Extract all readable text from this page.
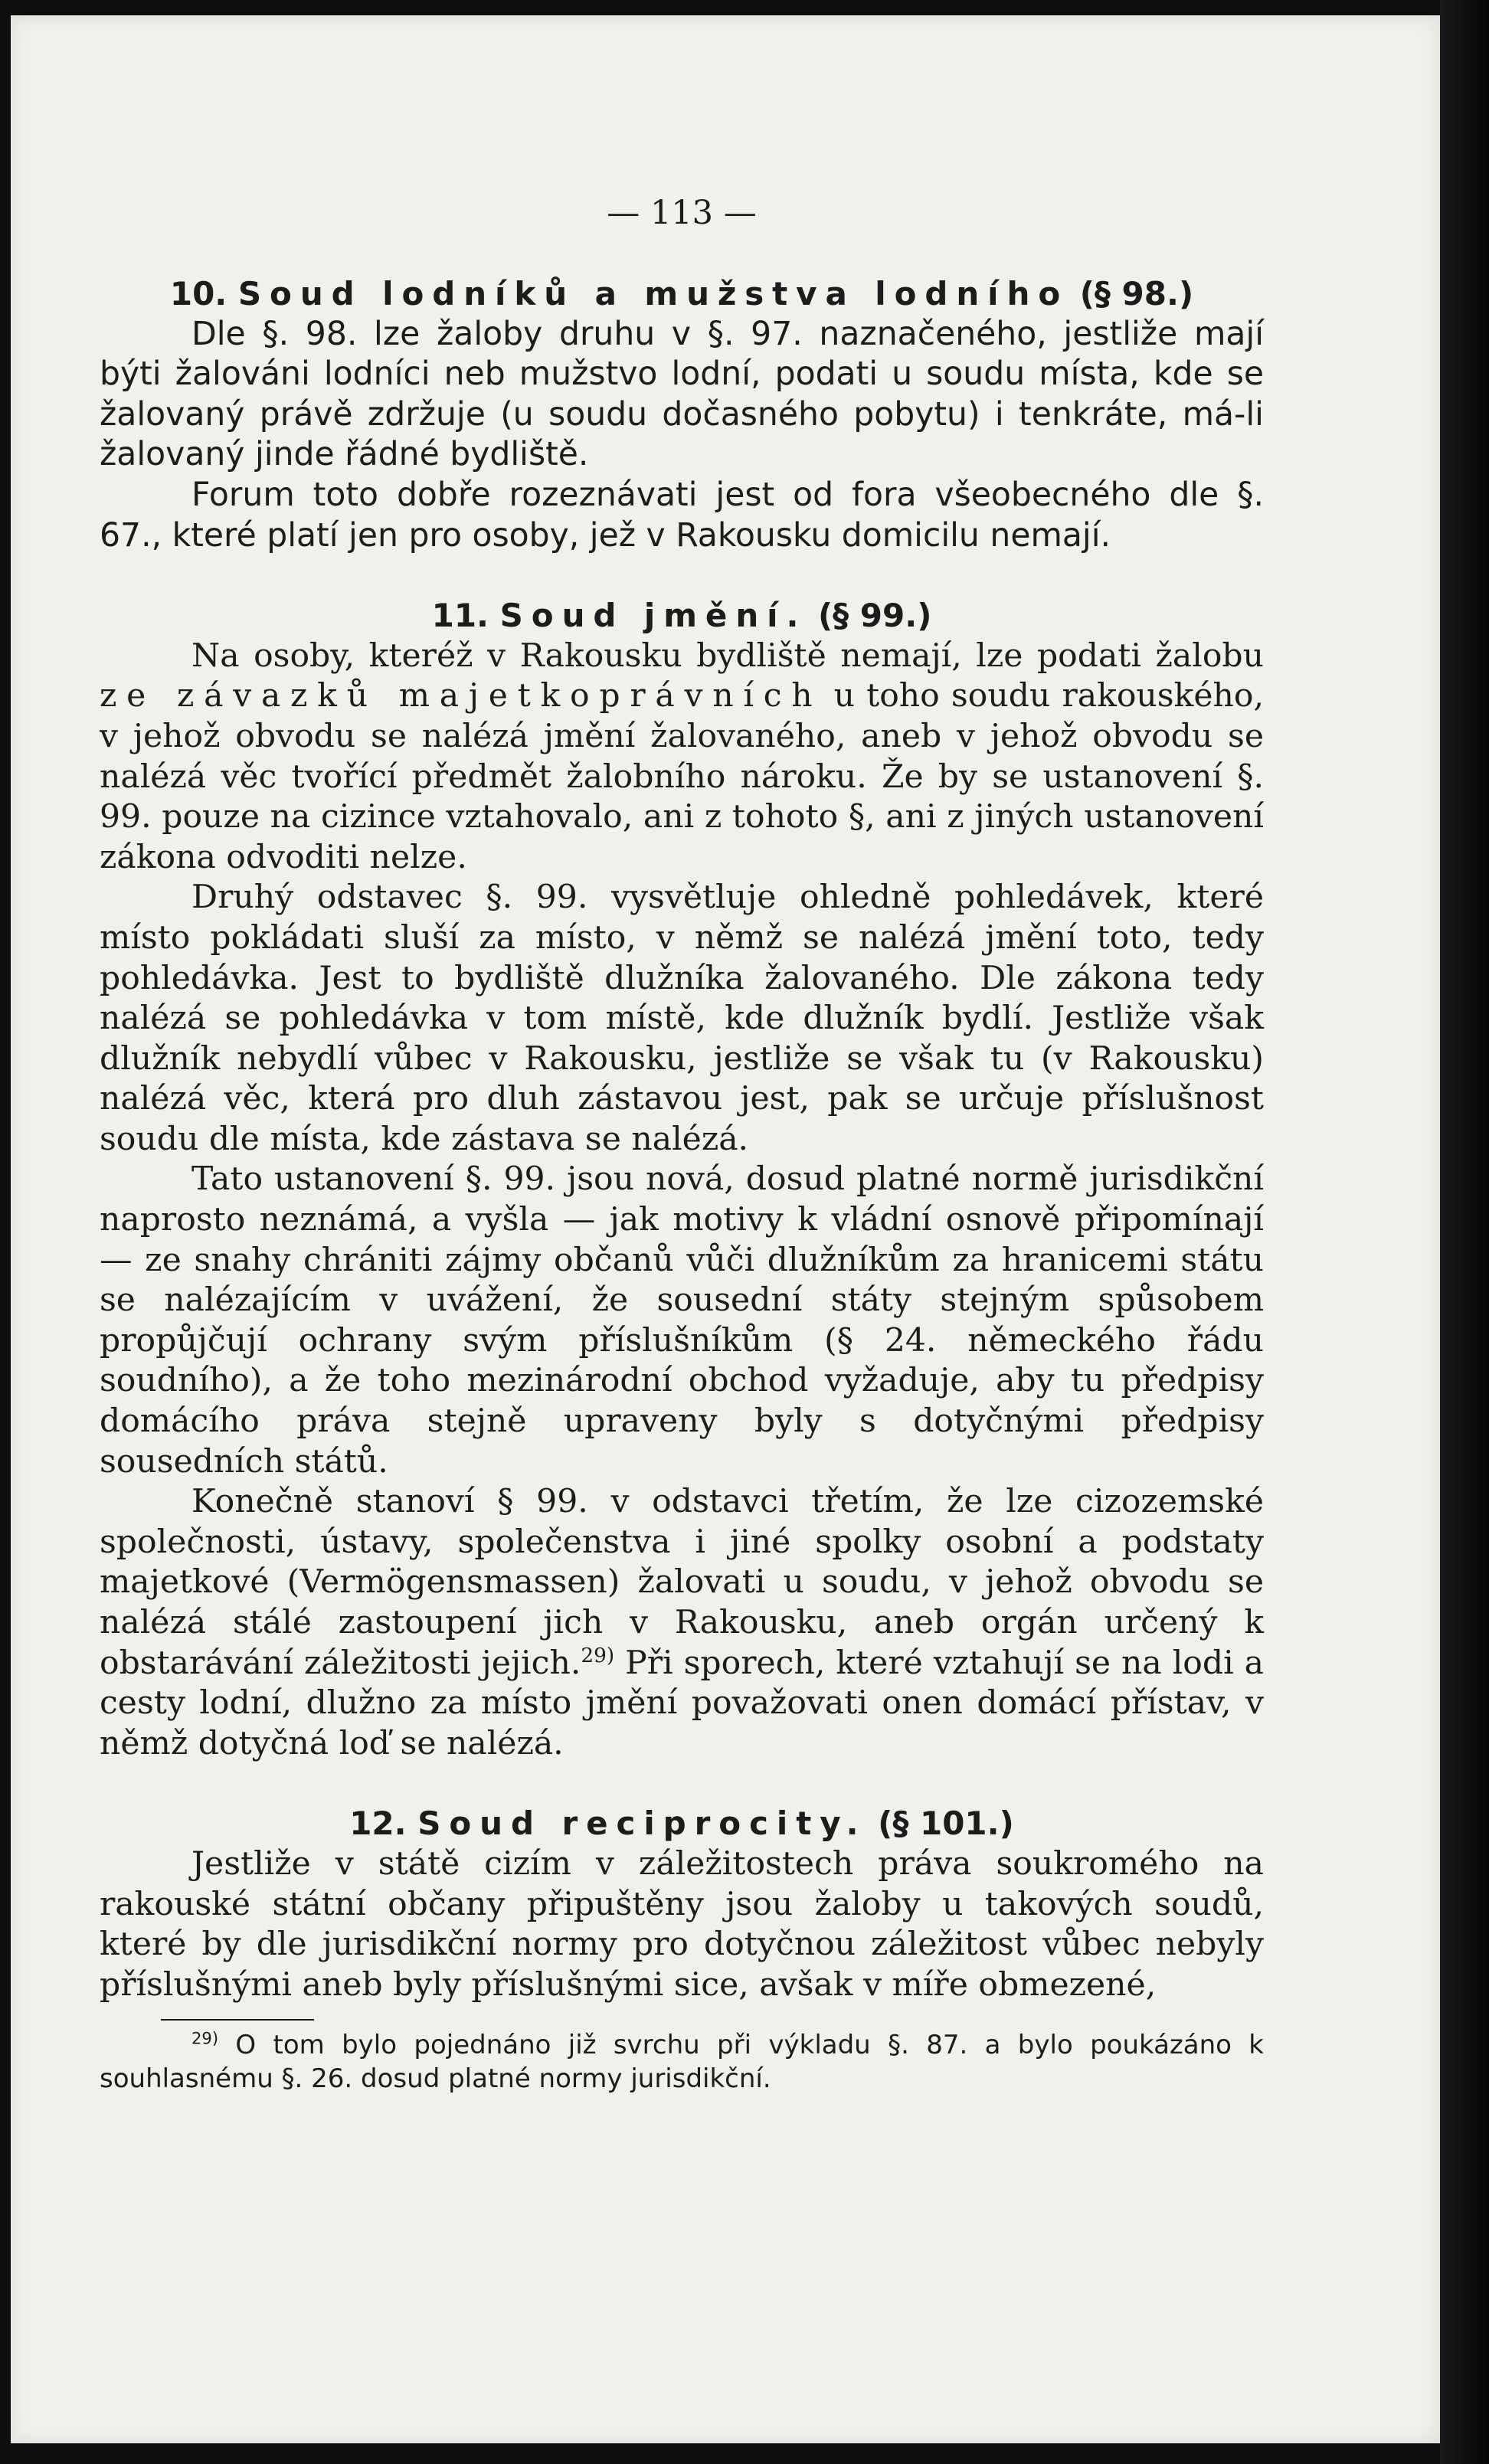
— 113 —
10. Soud lodníků a mužstva lodního (§ 98.)

Dle §. 98. lze žaloby druhu v §. 97. naznačeného, jestliže mají býti žalováni lodníci neb mužstvo lodní, podati u soudu místa, kde se žalovaný právě zdržuje (u soudu dočasného pobytu) i tenkráte, má-li žalovaný jinde řádné bydliště.

Forum toto dobře rozeznávati jest od fora všeobecného dle §. 67., které platí jen pro osoby, jež v Rakousku domicilu nemají.

11. Soud jmění. (§ 99.)

Na osoby, kteréž v Rakousku bydliště nemají, lze podati žalobu ze závazků majetkoprávních u toho soudu rakouského, v jehož obvodu se nalézá jmění žalovaného, aneb v jehož obvodu se nalézá věc tvořící předmět žalobního nároku. Že by se ustanovení §. 99. pouze na cizince vztahovalo, ani z tohoto §, ani z jiných ustanovení zákona odvoditi nelze.

Druhý odstavec §. 99. vysvětluje ohledně pohledávek, které místo pokládati sluší za místo, v němž se nalézá jmění toto, tedy pohledávka. Jest to bydliště dlužníka žalovaného. Dle zákona tedy nalézá se pohledávka v tom místě, kde dlužník bydlí. Jestliže však dlužník nebydlí vůbec v Rakousku, jestliže se však tu (v Rakousku) nalézá věc, která pro dluh zástavou jest, pak se určuje příslušnost soudu dle místa, kde zástava se nalézá.

Tato ustanovení §. 99. jsou nová, dosud platné normě jurisdikční naprosto neznámá, a vyšla — jak motivy k vládní osnově připomínají — ze snahy chrániti zájmy občanů vůči dlužníkům za hranicemi státu se nalézajícím v uvážení, že sousední státy stejným spůsobem propůjčují ochrany svým příslušníkům (§ 24. německého řádu soudního), a že toho mezinárodní obchod vyžaduje, aby tu předpisy domácího práva stejně upraveny byly s dotyčnými předpisy sousedních států.

Konečně stanoví § 99. v odstavci třetím, že lze cizozemské společnosti, ústavy, společenstva i jiné spolky osobní a podstaty majetkové (Vermögensmassen) žalovati u soudu, v jehož obvodu se nalézá stálé zastoupení jich v Rakousku, aneb orgán určený k obstarávání záležitosti jejich.$^{29)}$ Při sporech, které vztahují se na lodi a cesty lodní, dlužno za místo jmění považovati onen domácí přístav, v němž dotyčná loď se nalézá.

12. Soud reciprocity. (§ 101.)

Jestliže v státě cizím v záležitostech práva soukromého na rakouské státní občany připuštěny jsou žaloby u takových soudů, které by dle jurisdikční normy pro dotyčnou záležitost vůbec nebyly příslušnými aneb byly příslušnými sice, avšak v míře obmezené,

$^{29)}$ O tom bylo pojednáno již svrchu při výkladu §. 87. a bylo poukázáno k souhlasnému §. 26. dosud platné normy jurisdikční.
